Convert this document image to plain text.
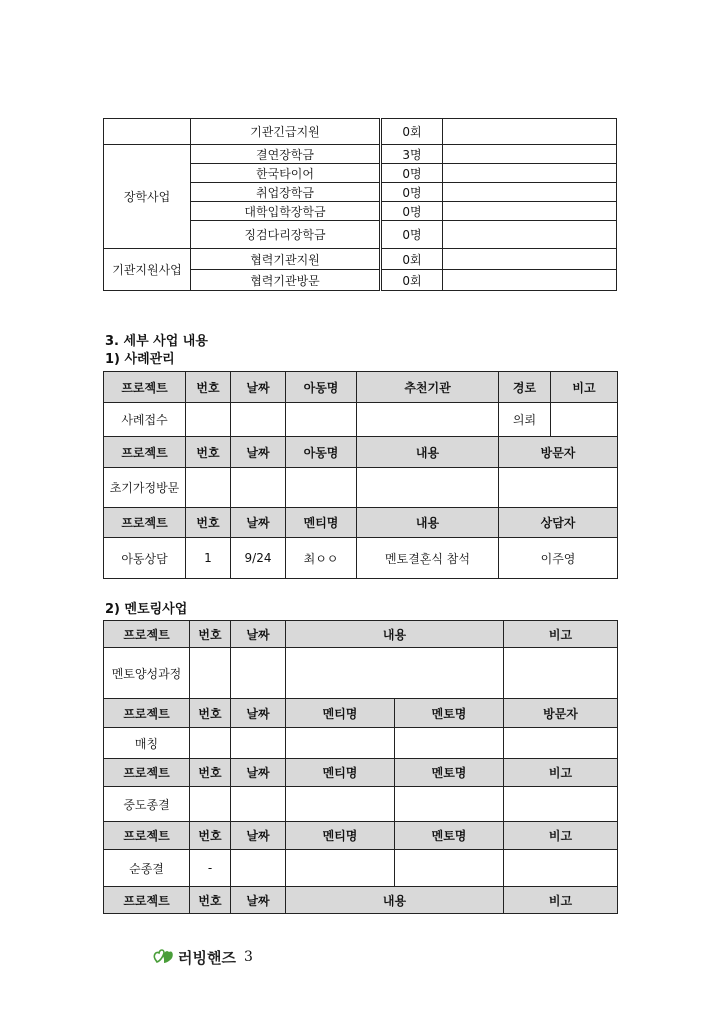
	기관긴급지원	0회	
장학사업	결연장학금	3명	
	한국타이어	0명	
	취업장학금	0명	
	대학입학장학금	0명	
	징검다리장학금	0명	
기관지원사업	협력기관지원	0회	
	협력기관방문	0회	

3. 세부 사업 내용

1) 사례관리

프로젝트	번호	날짜	아동명	추천기관	경로	비고
사례접수					의뢰	
프로젝트	번호	날짜	아동명	내용	방문자	
초기가정방문						
프로젝트	번호	날짜	멘티명	내용	상담자	
아동상담	1	9/24	최ㅇㅇ	멘토결혼식 참석	이주영	

2) 멘토링사업

프로젝트	번호	날짜	내용		비고
멘토양성과정					
프로젝트	번호	날짜	멘티명	멘토명	방문자
매칭					
프로젝트	번호	날짜	멘티명	멘토명	비고
중도종결					
프로젝트	번호	날짜	멘티명	멘토명	비고
순종결	-				
프로젝트	번호	날짜	내용		비고
러빙핸즈 3
